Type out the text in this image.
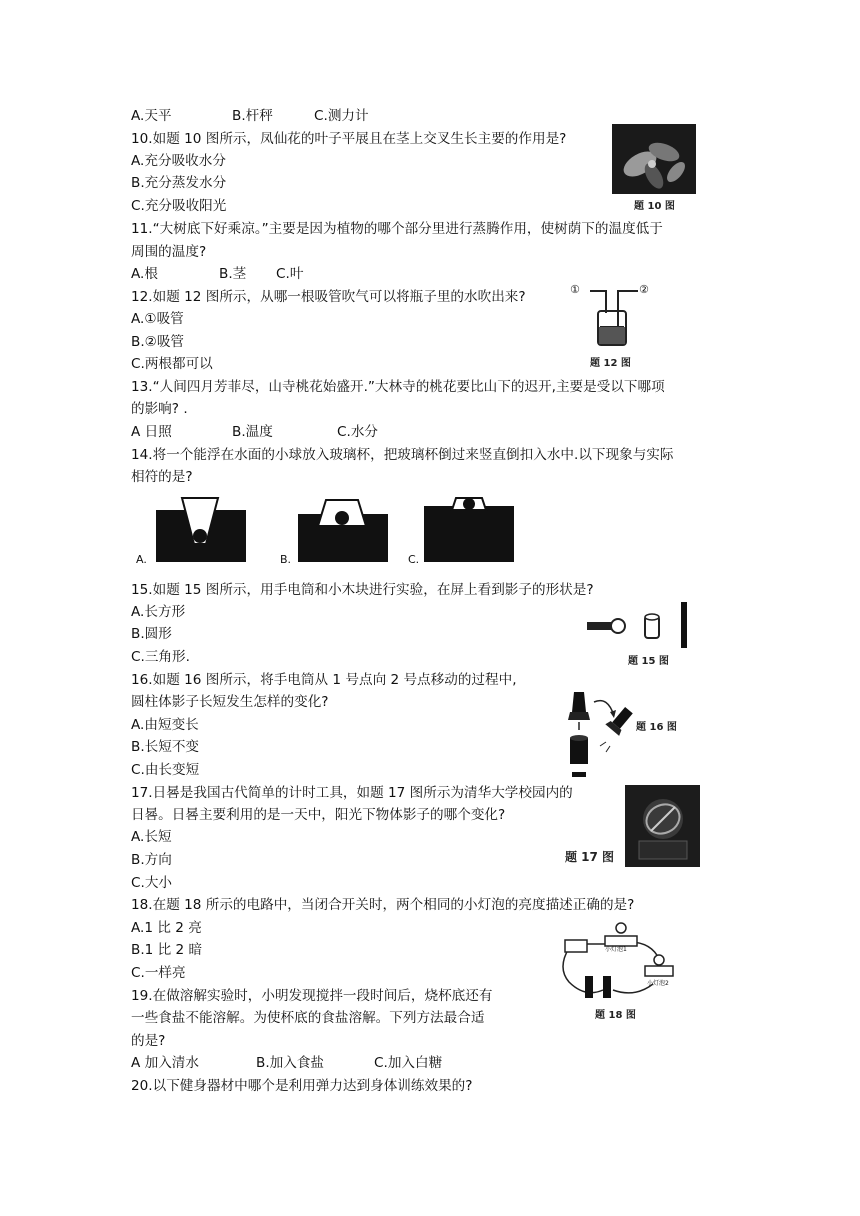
A.天平	B.杆秤	C.测力计
10.如题 10 图所示，凤仙花的叶子平展且在茎上交叉生长主要的作用是?
A.充分吸收水分
B.充分蒸发水分
C.充分吸收阳光	题 10 图
11.“大树底下好乘凉。”主要是因为植物的哪个部分里进行蒸腾作用，使树荫下的温度低于
周围的温度?
A.根	B.茎 C.叶
12.如题 12 图所示，从哪一根吸管吹气可以将瓶子里的水吹出来?
A.①吸管
B.②吸管
C.两根都可以
①	②
题 12 图
13.“人间四月芳菲尽，山寺桃花始盛开.”大林寺的桃花要比山下的迟开,主要是受以下哪项
的影响? .
A 日照	B.温度	C.水分
14.将一个能浮在水面的小球放入玻璃杯，把玻璃杯倒过来竖直倒扣入水中.以下现象与实际
相符的是?
A.	B.	C.
15.如题 15 图所示，用手电筒和小木块进行实验，在屏上看到影子的形状是?
A.长方形
B.圆形
C.三角形.	题 15 图
16.如题 16 图所示，将手电筒从 1 号点向 2 号点移动的过程中,
圆柱体影子长短发生怎样的变化?
A.由短变长
B.长短不变
C.由长变短
题 16 图
17.日晷是我国古代简单的计时工具，如题 17 图所示为清华大学校园内的
日晷。日晷主要利用的是一天中，阳光下物体影子的哪个变化?
A.长短
B.方向
C.大小
题 17 图
18.在题 18 所示的电路中，当闭合开关时，两个相同的小灯泡的亮度描述正确的是?
A.1 比 2 亮
B.1 比 2 暗
C.一样亮
小灯泡1
小灯泡2
题 18 图
19.在做溶解实验时，小明发现搅拌一段时间后，烧杯底还有
一些食盐不能溶解。为使杯底的食盐溶解。下列方法最合适
的是?
A 加入清水	B.加入食盐	C.加入白糖
20.以下健身器材中哪个是利用弹力达到身体训练效果的?
